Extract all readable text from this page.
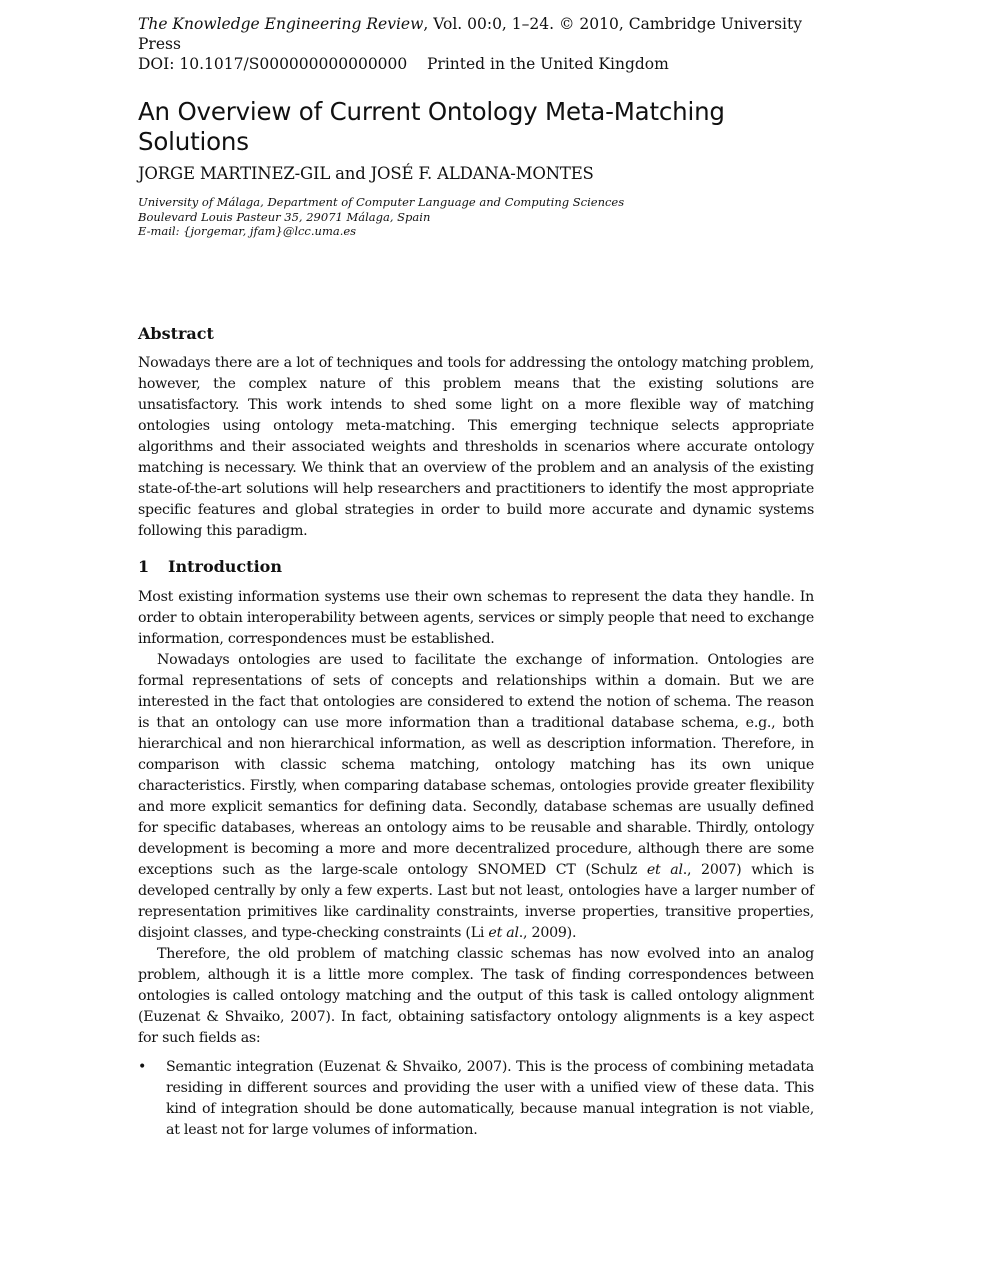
The Knowledge Engineering Review, Vol. 00:0, 1–24. © 2010, Cambridge University Press
DOI: 10.1017/S000000000000000    Printed in the United Kingdom
An Overview of Current Ontology Meta-Matching Solutions
JORGE MARTINEZ-GIL and JOSÉ F. ALDANA-MONTES
University of Málaga, Department of Computer Language and Computing Sciences
Boulevard Louis Pasteur 35, 29071 Málaga, Spain
E-mail: {jorgemar, jfam}@lcc.uma.es
Abstract
Nowadays there are a lot of techniques and tools for addressing the ontology matching problem, however, the complex nature of this problem means that the existing solutions are unsatisfactory. This work intends to shed some light on a more flexible way of matching ontologies using ontology meta-matching. This emerging technique selects appropriate algorithms and their associated weights and thresholds in scenarios where accurate ontology matching is necessary. We think that an overview of the problem and an analysis of the existing state-of-the-art solutions will help researchers and practitioners to identify the most appropriate specific features and global strategies in order to build more accurate and dynamic systems following this paradigm.
1 Introduction

Most existing information systems use their own schemas to represent the data they handle. In order to obtain interoperability between agents, services or simply people that need to exchange information, correspondences must be established.

Nowadays ontologies are used to facilitate the exchange of information. Ontologies are formal representations of sets of concepts and relationships within a domain. But we are interested in the fact that ontologies are considered to extend the notion of schema. The reason is that an ontology can use more information than a traditional database schema, e.g., both hierarchical and non hierarchical information, as well as description information. Therefore, in comparison with classic schema matching, ontology matching has its own unique characteristics. Firstly, when comparing database schemas, ontologies provide greater flexibility and more explicit semantics for defining data. Secondly, database schemas are usually defined for specific databases, whereas an ontology aims to be reusable and sharable. Thirdly, ontology development is becoming a more and more decentralized procedure, although there are some exceptions such as the large-scale ontology SNOMED CT (Schulz et al., 2007) which is developed centrally by only a few experts. Last but not least, ontologies have a larger number of representation primitives like cardinality constraints, inverse properties, transitive properties, disjoint classes, and type-checking constraints (Li et al., 2009).

Therefore, the old problem of matching classic schemas has now evolved into an analog problem, although it is a little more complex. The task of finding correspondences between ontologies is called ontology matching and the output of this task is called ontology alignment (Euzenat & Shvaiko, 2007). In fact, obtaining satisfactory ontology alignments is a key aspect for such fields as:

• Semantic integration (Euzenat & Shvaiko, 2007). This is the process of combining metadata residing in different sources and providing the user with a unified view of these data. This kind of integration should be done automatically, because manual integration is not viable, at least not for large volumes of information.
